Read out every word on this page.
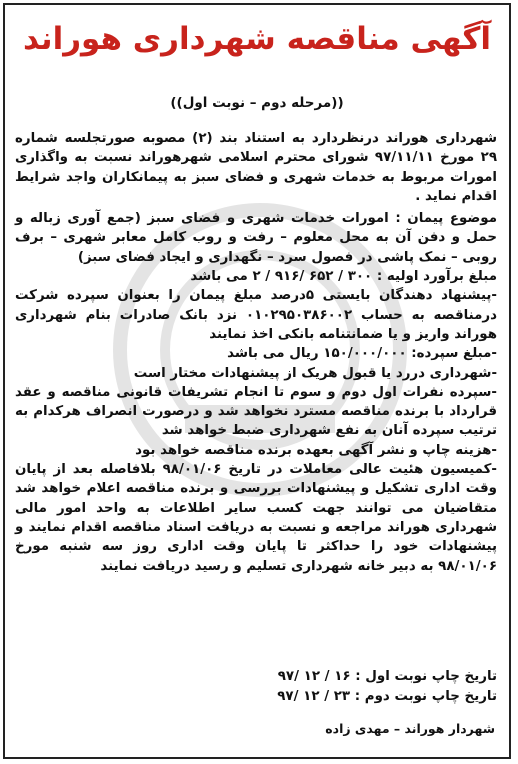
آگهی مناقصه شهرداری هوراند
((مرحله دوم – نوبت اول))

شهرداری هوراند درنظردارد به استناد بند (۲) مصوبه صورتجلسه شماره ۲۹ مورخ ۹۷/۱۱/۱۱ شورای محترم اسلامی شهرهوراند نسبت به واگذاری امورات مربوط به خدمات شهری و فضای سبز به پیمانکاران واجد شرایط اقدام نماید .

موضوع پیمان : امورات خدمات شهری و فضای سبز (جمع آوری زباله و حمل و دفن آن به محل معلوم – رفت و روب کامل معابر شهری – برف روبی – نمک پاشی در فصول سرد – نگهداری و ایجاد فضای سبز)

مبلغ برآورد اولیه : ۳۰۰ / ۶۵۲ /۹۱۶ / ۲ می باشد

-پیشنهاد دهندگان بایستی ۵درصد مبلغ پیمان را بعنوان سپرده شرکت درمناقصه به حساب ۰۱۰۲۹۵۰۳۸۶۰۰۲ نزد بانک صادرات بنام شهرداری هوراند واریز و یا ضمانتنامه بانکی اخذ نمایند

-مبلغ سپرده: ۱۵۰/۰۰۰/۰۰۰ ریال می باشد

-شهرداری دررد یا قبول هریک از پیشنهادات مختار است

-سپرده نفرات اول دوم و سوم تا انجام تشریفات قانونی مناقصه و عقد قرارداد با برنده مناقصه مسترد نخواهد شد و درصورت انصراف هرکدام به ترتیب سپرده آنان به نفع شهرداری ضبط خواهد شد

-هزینه چاپ و نشر آگهی بعهده برنده مناقصه خواهد بود

-کمیسیون هئیت عالی معاملات در تاریخ ۹۸/۰۱/۰۶ بلافاصله بعد از پایان وقت اداری تشکیل و پیشنهادات بررسی و برنده مناقصه اعلام خواهد شد متقاضیان می توانند جهت کسب سایر اطلاعات به واحد امور مالی شهرداری هوراند مراجعه و نسبت به دریافت اسناد مناقصه اقدام نمایند و پیشنهادات خود را حداکثر تا پایان وقت اداری روز سه شنبه مورخ ۹۸/۰۱/۰۶ به دبیر خانه شهرداری تسلیم و رسید دریافت نمایند

تاریخ چاپ نوبت اول : ۱۶ / ۱۲ /۹۷
تاریخ چاپ نوبت دوم : ۲۳ / ۱۲ /۹۷
شهردار هوراند – مهدی زاده
